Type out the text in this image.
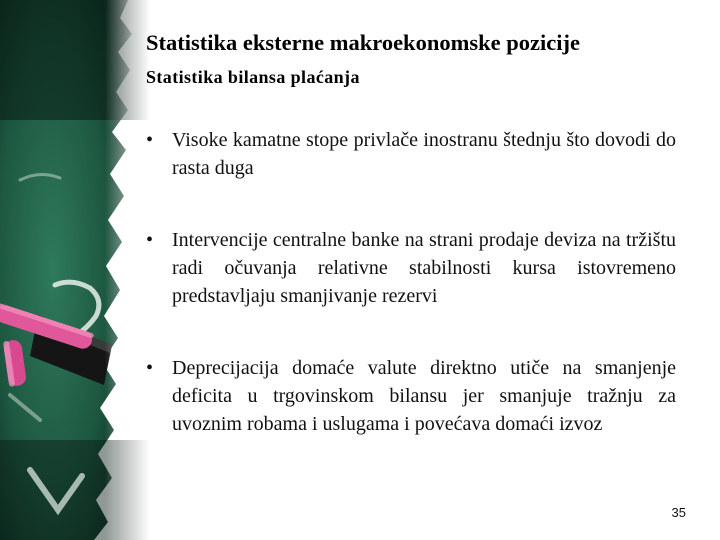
Statistika eksterne makroekonomske pozicije
Statistika bilansa plaćanja
• Visoke kamatne stope privlače inostranu štednju što dovodi do rasta duga
• Intervencije centralne banke na strani prodaje deviza na tržištu radi očuvanja relativne stabilnosti kursa istovremeno predstavljaju smanjivanje rezervi
• Deprecijacija domaće valute direktno utiče na smanjenje deficita u trgovinskom bilansu jer smanjuje tražnju za uvoznim robama i uslugama i povećava domaći izvoz
35
